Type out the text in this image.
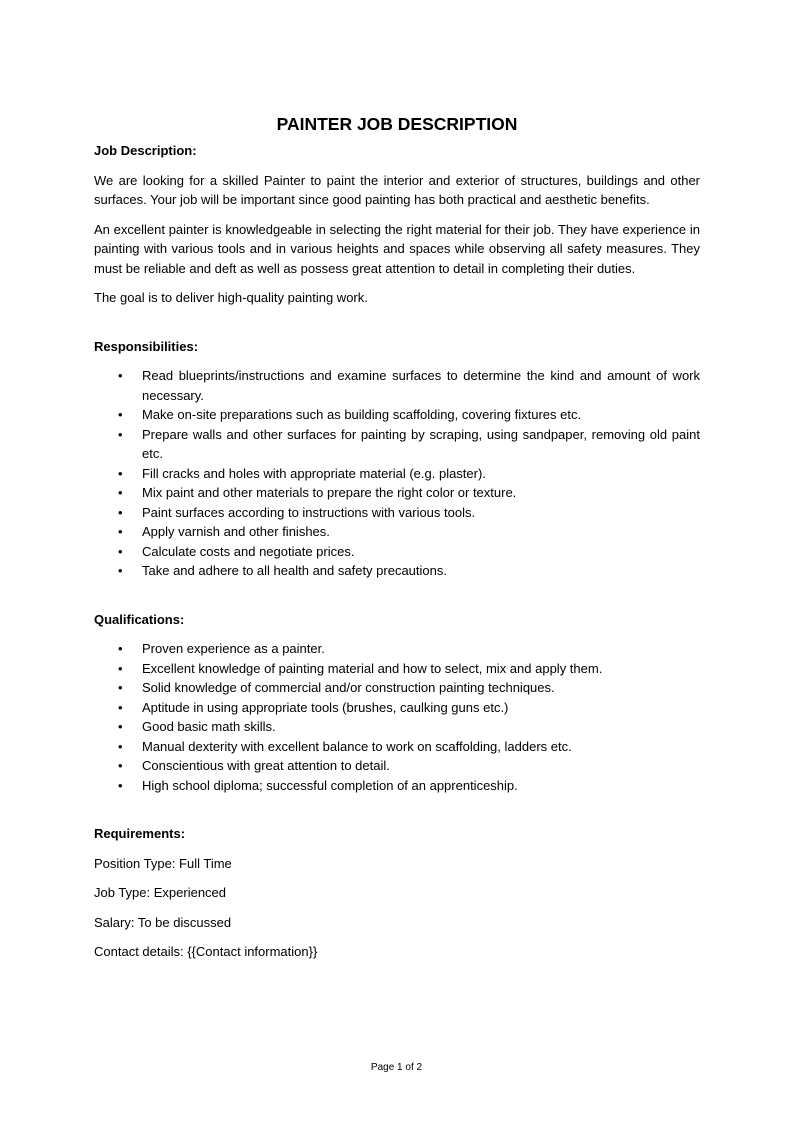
PAINTER JOB DESCRIPTION

Job Description:

We are looking for a skilled Painter to paint the interior and exterior of structures, buildings and other surfaces. Your job will be important since good painting has both practical and aesthetic benefits.

An excellent painter is knowledgeable in selecting the right material for their job. They have experience in painting with various tools and in various heights and spaces while observing all safety measures. They must be reliable and deft as well as possess great attention to detail in completing their duties.

The goal is to deliver high-quality painting work.

Responsibilities:

• Read blueprints/instructions and examine surfaces to determine the kind and amount of work necessary.
• Make on-site preparations such as building scaffolding, covering fixtures etc.
• Prepare walls and other surfaces for painting by scraping, using sandpaper, removing old paint etc.
• Fill cracks and holes with appropriate material (e.g. plaster).
• Mix paint and other materials to prepare the right color or texture.
• Paint surfaces according to instructions with various tools.
• Apply varnish and other finishes.
• Calculate costs and negotiate prices.
• Take and adhere to all health and safety precautions.

Qualifications:

• Proven experience as a painter.
• Excellent knowledge of painting material and how to select, mix and apply them.
• Solid knowledge of commercial and/or construction painting techniques.
• Aptitude in using appropriate tools (brushes, caulking guns etc.)
• Good basic math skills.
• Manual dexterity with excellent balance to work on scaffolding, ladders etc.
• Conscientious with great attention to detail.
• High school diploma; successful completion of an apprenticeship.

Requirements:

Position Type: Full Time

Job Type: Experienced

Salary: To be discussed

Contact details: {{Contact information}}

Page 1 of 2
